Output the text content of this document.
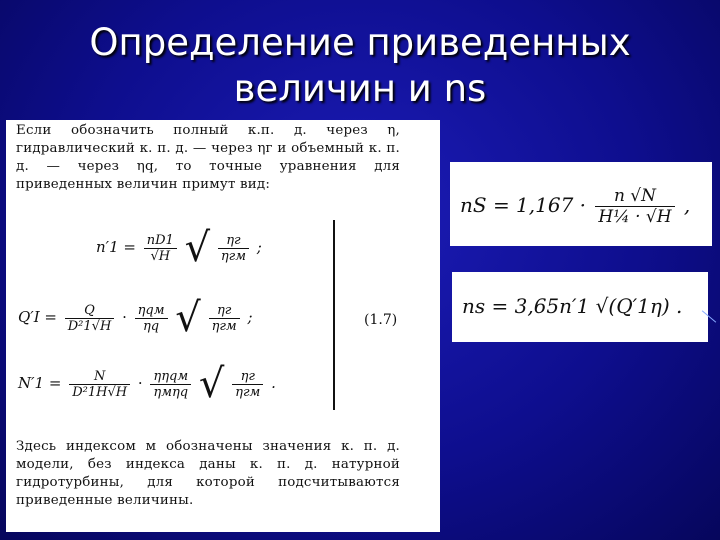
Определение приведенных
величин и ns
Если обозначить полный к.п. д. через η, гидравлический к. п. д. — через ηг и объемный к. п. д. — через ηq, то точные уравнения для приведенных величин примут вид:
$n'1 = \frac{nD1}{√H}$ √ $\frac{\eta г}{\text{ηгм}}$ ;
$Q'I = \frac{Q}{\text{D²1√H}} \cdot \frac{\text{ηqм}}{\eta q}$ √ $\frac{\eta г}{\text{ηгм}}$ ;
$N'1 = \frac{N}{\text{D²1H√H}} \cdot \frac{\text{ηηqм}}{\text{ηмηq}}$ √ $\frac{\eta г}{\text{ηгм}}$ .
(1.7)
Здесь индексом м обозначены значения к. п. д. модели, без индекса даны к. п. д. натурной гидротурбины, для которой подсчитываются приведенные величины.
nS = $1,167 \cdot \frac{n √N}{\text{H¼ · √H}}$ ,
ns = 3,65n′1 √(Q′1η) .
